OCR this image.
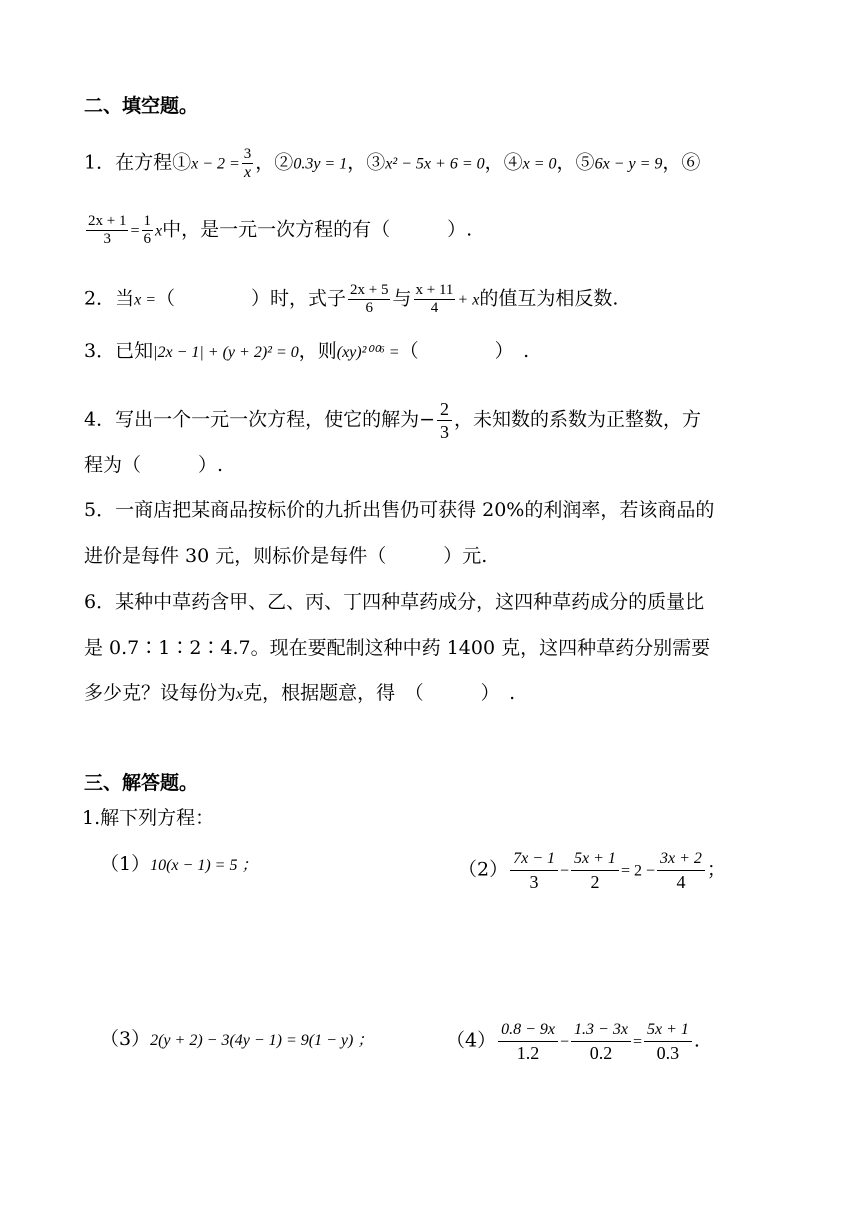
二、填空题。
1．在方程①x − $2 = \frac{3}{x}$ ，②0.3y = 1，③x² − 5x + 6 = 0，④x = 0，⑤6x − y = 9，⑥
$\frac{2x + 1}{3} = \frac{1}{6}$ x中，是一元一次方程的有（　　　）.
2．当x =（　　　　）时，式子 $\frac{2x + 5}{6}$ 与 $\frac{x + 11}{4} + x$的值互为相反数.
3．已知|2x − 1| + (y + 2)² = 0，则(xy)²⁰⁰⁶ =（　　　　）　.
4．写出一个一元一次方程，使它的解为− $\frac{2}{3}$ ，未知数的系数为正整数，方
程为（　　　）.
5．一商店把某商品按标价的九折出售仍可获得 20%的利润率，若该商品的
进价是每件 30 元，则标价是每件（　　　）元.
6．某种中草药含甲、乙、丙、丁四种草药成分，这四种草药成分的质量比
是 0.7∶1∶2∶4.7。现在要配制这种中药 1400 克，这四种草药分别需要
多少克？设每份为x克，根据题意，得　（　　　）　.
三、解答题。
1.解下列方程：
（1）10(x − 1) = 5 ；	$(2) \frac{7x - 1}{3} - \frac{5x + 1}{2} = 2 - \frac{3x + 2}{4}$ ；
（3）2(y + 2) − 3(4y − 1) = 9(1 − y) ；	$(4) \frac{0.8 - 9x}{1.2} - \frac{1.3 - 3x}{0.2} = \frac{5x + 1}{0.3}$ .
